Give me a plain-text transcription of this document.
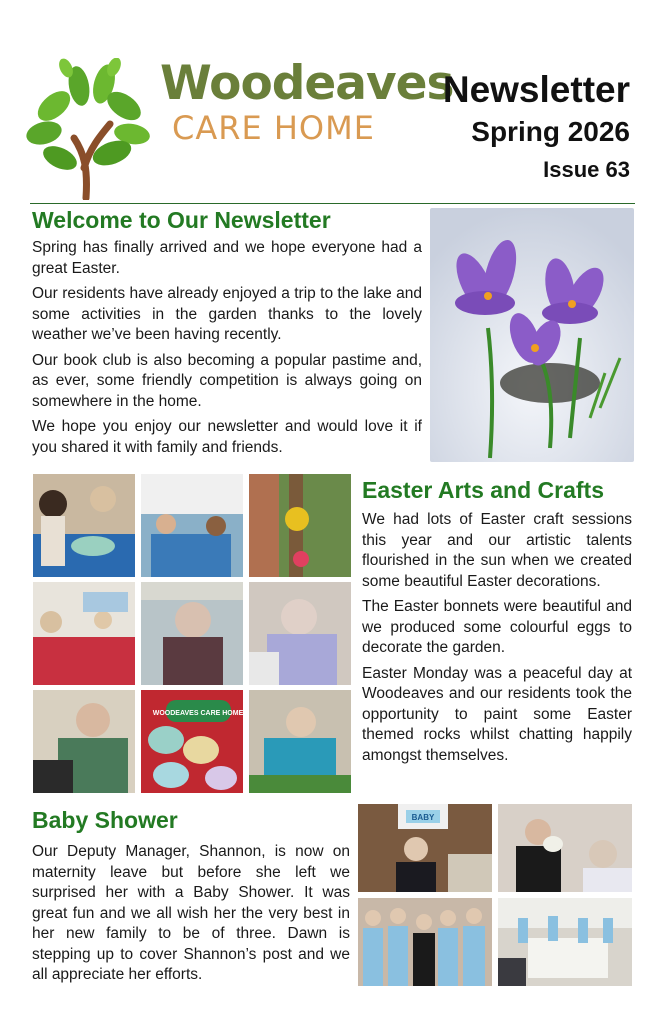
Woodeaves
CARE HOME
Newsletter
Spring 2026
Issue 63
Welcome to Our Newsletter

Spring has finally arrived and we hope everyone had a great Easter.

Our residents have already enjoyed a trip to the lake and some activities in the garden thanks to the lovely weather we’ve been having recently.

Our book club is also becoming a popular pastime and, as ever, some friendly competition is always going on somewhere in the home.

We hope you enjoy our newsletter and would love it if you shared it with family and friends.

WOODEAVES CARE HOME
Easter Arts and Crafts

We had lots of Easter craft sessions this year and our artistic talents flourished in the sun when we created some beautiful Easter decorations.

The Easter bonnets were beautiful and we produced some colourful eggs to decorate the garden.

Easter Monday was a peaceful day at Woodeaves and our residents took the opportunity to paint some Easter themed rocks whilst chatting happily amongst themselves.

Baby Shower

Our Deputy Manager, Shannon, is now on maternity leave but before she left we surprised her with a Baby Shower. It was great fun and we all wish her the very best in her new family to be of three. Dawn is stepping up to cover Shannon’s post and we all appreciate her efforts.

BABY
